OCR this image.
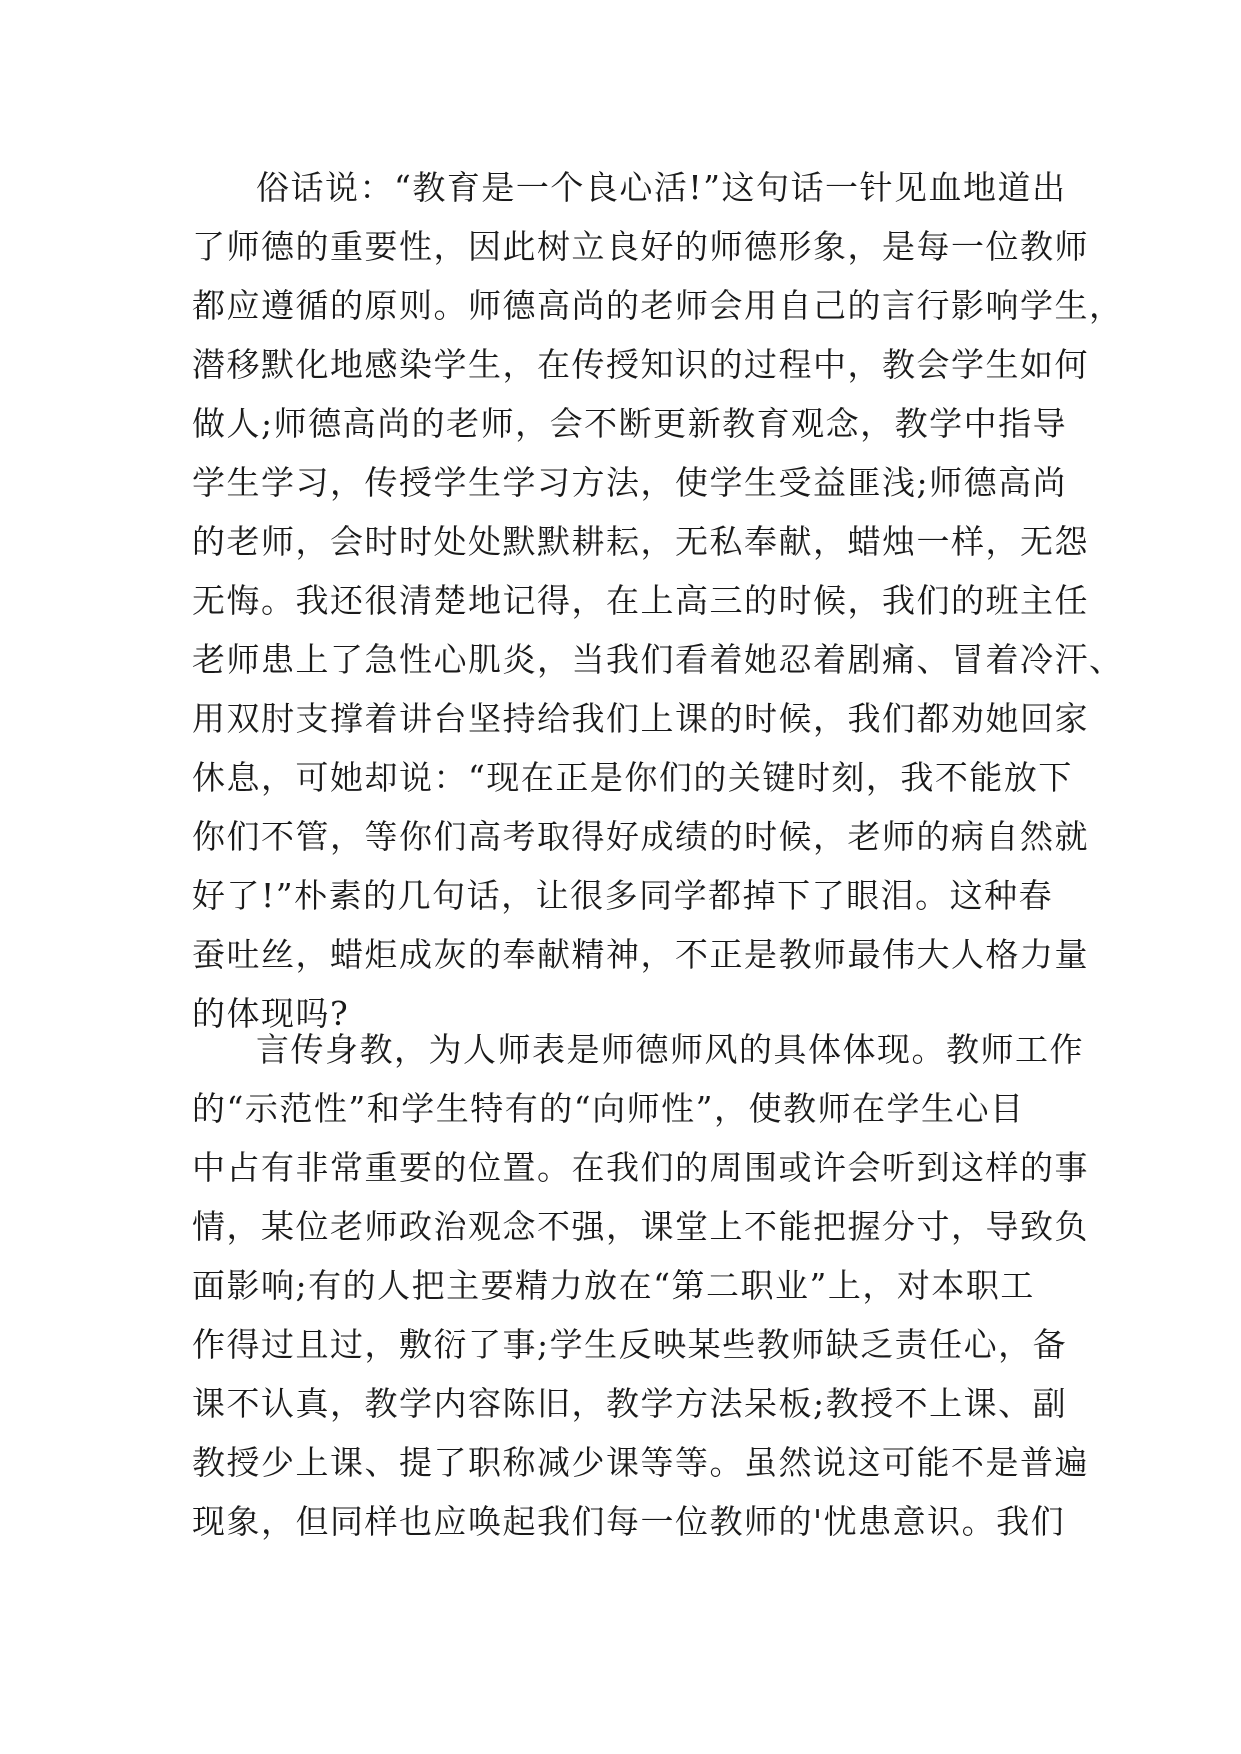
俗话说：“教育是一个良心活!”这句话一针见血地道出
了师德的重要性，因此树立良好的师德形象，是每一位教师
都应遵循的原则。师德高尚的老师会用自己的言行影响学生，
潜移默化地感染学生，在传授知识的过程中，教会学生如何
做人;师德高尚的老师，会不断更新教育观念，教学中指导
学生学习，传授学生学习方法，使学生受益匪浅;师德高尚
的老师，会时时处处默默耕耘，无私奉献，蜡烛一样，无怨
无悔。我还很清楚地记得，在上高三的时候，我们的班主任
老师患上了急性心肌炎，当我们看着她忍着剧痛、冒着冷汗、
用双肘支撑着讲台坚持给我们上课的时候，我们都劝她回家
休息，可她却说：“现在正是你们的关键时刻，我不能放下
你们不管，等你们高考取得好成绩的时候，老师的病自然就
好了!”朴素的几句话，让很多同学都掉下了眼泪。这种春
蚕吐丝，蜡炬成灰的奉献精神，不正是教师最伟大人格力量
的体现吗?
言传身教，为人师表是师德师风的具体体现。教师工作
的“示范性”和学生特有的“向师性”，使教师在学生心目
中占有非常重要的位置。在我们的周围或许会听到这样的事
情，某位老师政治观念不强，课堂上不能把握分寸，导致负
面影响;有的人把主要精力放在“第二职业”上，对本职工
作得过且过，敷衍了事;学生反映某些教师缺乏责任心，备
课不认真，教学内容陈旧，教学方法呆板;教授不上课、副
教授少上课、提了职称减少课等等。虽然说这可能不是普遍
现象，但同样也应唤起我们每一位教师的'忧患意识。我们
